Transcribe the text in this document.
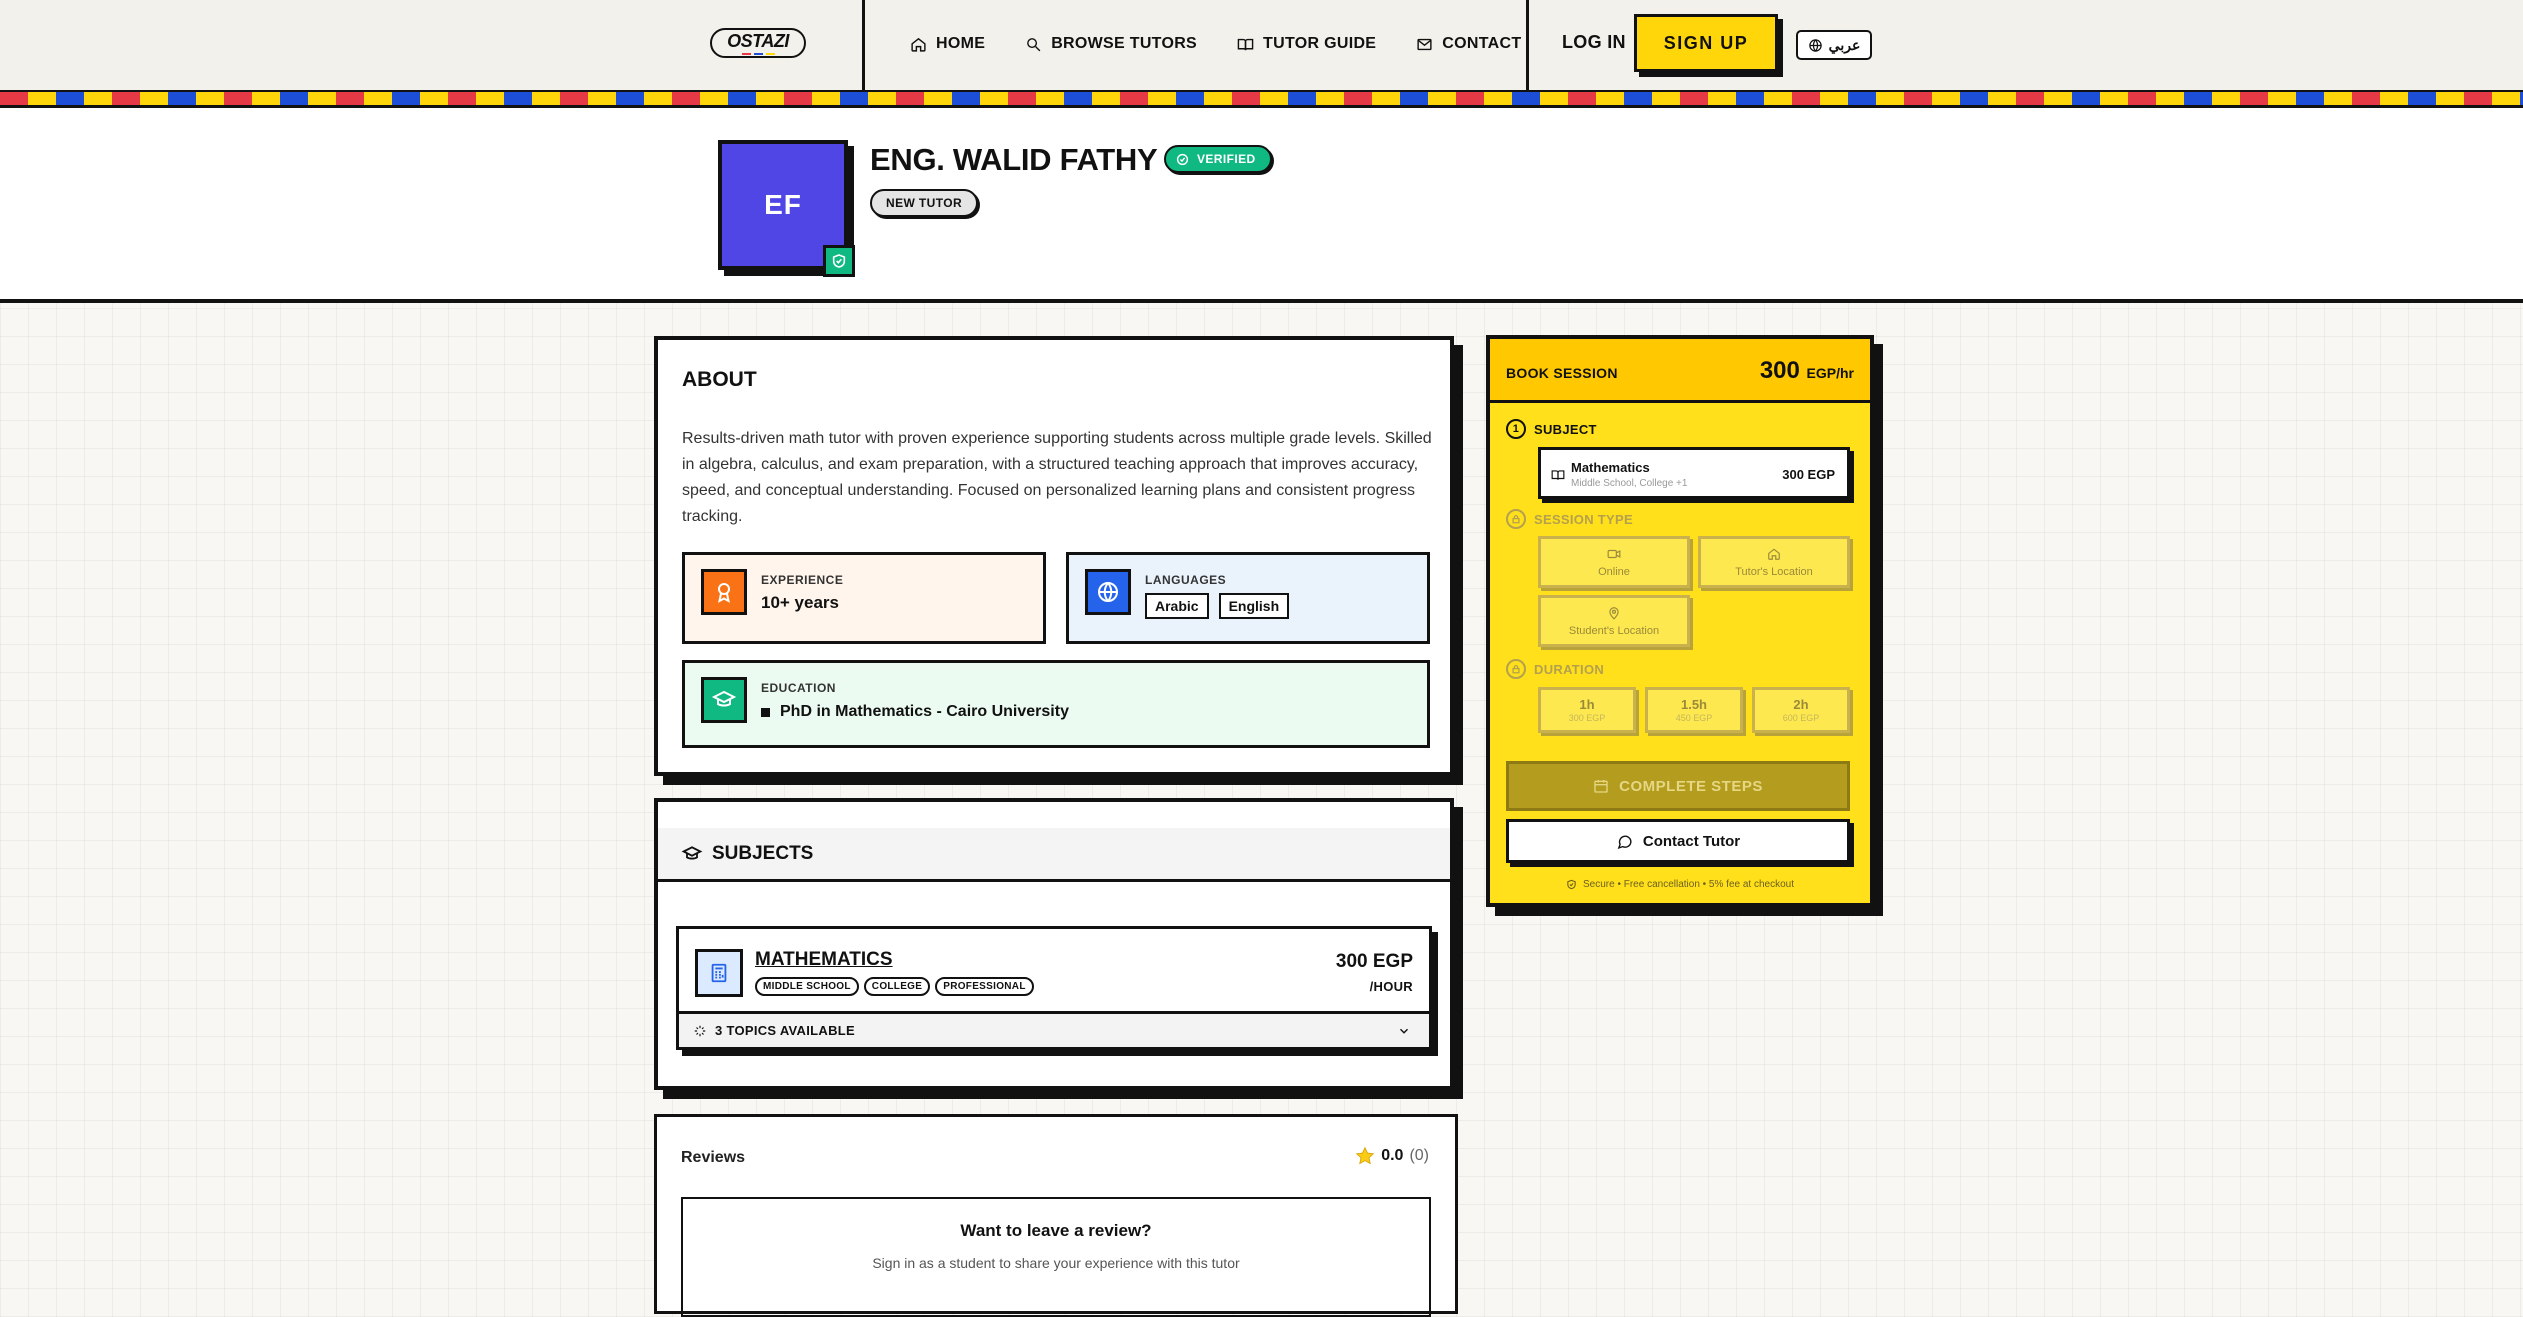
OSTAZI	HOME	BROWSE TUTORS	TUTOR GUIDE	CONTACT LOG IN	SIGN UP	عربي
EF
ENG. WALID FATHY	VERIFIED
NEW TUTOR
ABOUT
Results-driven math tutor with proven experience supporting students across multiple grade levels. Skilled in algebra, calculus, and exam preparation, with a structured teaching approach that improves accuracy, speed, and conceptual understanding. Focused on personalized learning plans and consistent progress tracking.
EXPERIENCE
10+ years
LANGUAGES
Arabic	English
EDUCATION
PhD in Mathematics - Cairo University
SUBJECTS
MATHEMATICS
MIDDLE SCHOOL	COLLEGE	PROFESSIONAL
300 EGP
/HOUR
3 TOPICS AVAILABLE
Reviews	0.0 (0)
Want to leave a review?

Sign in as a student to share your experience with this tutor

BOOK SESSION	300 EGP/hr
1	SUBJECT
Mathematics
Middle School, College +1
300 EGP
SESSION TYPE
Online	Tutor's Location
Student's Location
DURATION
1h
300 EGP
1.5h
450 EGP
2h
600 EGP
COMPLETE STEPS
Contact Tutor
Secure • Free cancellation • 5% fee at checkout
